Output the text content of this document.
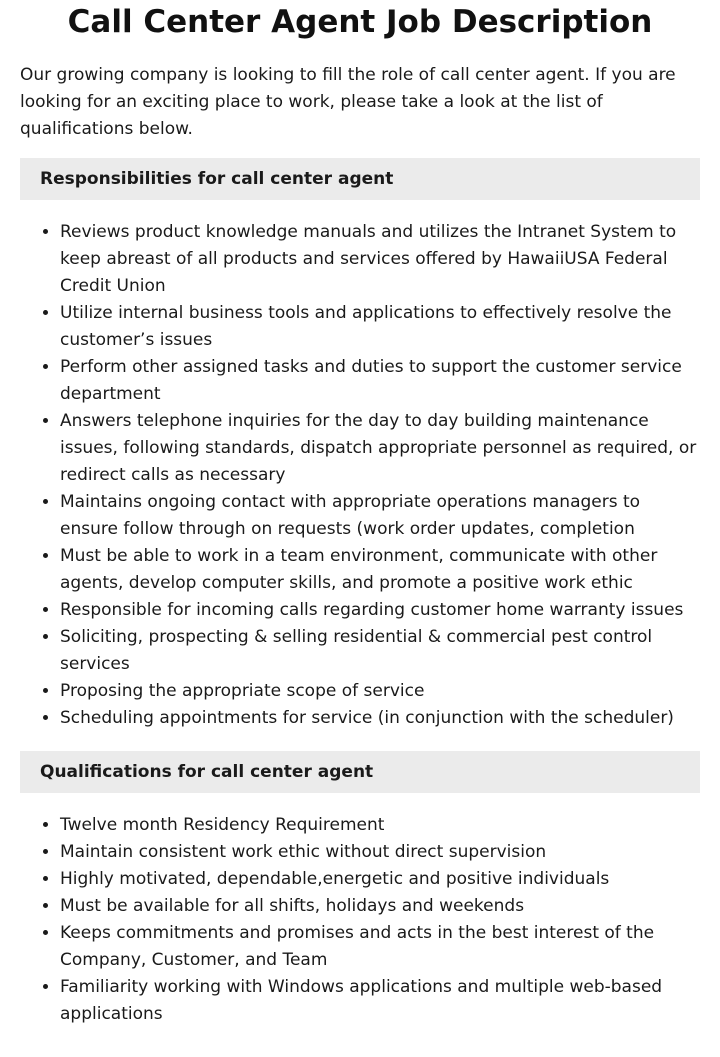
Call Center Agent Job Description

Our growing company is looking to fill the role of call center agent. If you are looking for an exciting place to work, please take a look at the list of qualifications below.

Responsibilities for call center agent
• Reviews product knowledge manuals and utilizes the Intranet System to keep abreast of all products and services offered by HawaiiUSA Federal Credit Union
• Utilize internal business tools and applications to effectively resolve the customer’s issues
• Perform other assigned tasks and duties to support the customer service department
• Answers telephone inquiries for the day to day building maintenance issues, following standards, dispatch appropriate personnel as required, or redirect calls as necessary
• Maintains ongoing contact with appropriate operations managers to ensure follow through on requests (work order updates, completion
• Must be able to work in a team environment, communicate with other agents, develop computer skills, and promote a positive work ethic
• Responsible for incoming calls regarding customer home warranty issues
• Soliciting, prospecting & selling residential & commercial pest control services
• Proposing the appropriate scope of service
• Scheduling appointments for service (in conjunction with the scheduler)
Qualifications for call center agent
• Twelve month Residency Requirement
• Maintain consistent work ethic without direct supervision
• Highly motivated, dependable,energetic and positive individuals
• Must be available for all shifts, holidays and weekends
• Keeps commitments and promises and acts in the best interest of the Company, Customer, and Team
• Familiarity working with Windows applications and multiple web-based applications
